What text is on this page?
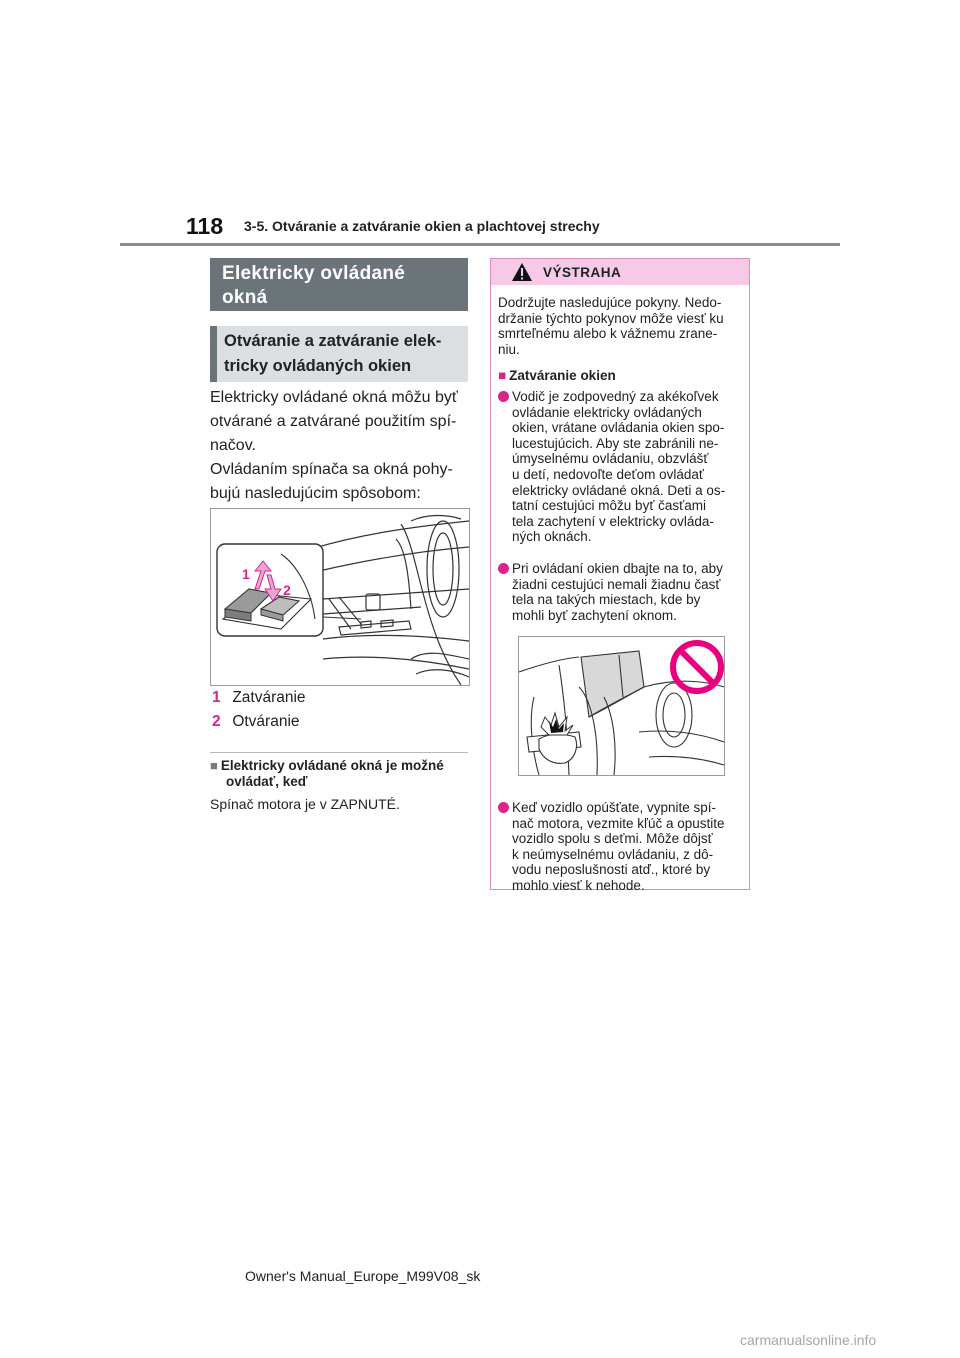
118 3-5. Otváranie a zatváranie okien a plachtovej strechy
Elektricky ovládané okná
Otváranie a zatváranie elek-
tricky ovládaných okien

Elektricky ovládané okná môžu byť

otvárané a zatvárané použitím spí-

načov.

Ovládaním spínača sa okná pohy-

bujú nasledujúcim spôsobom:

1
2
1 Zatváranie
2 Otváranie
■ Elektricky ovládané okná je možné
ovládať, keď
Spínač motora je v ZAPNUTÉ.
VÝSTRAHA
Dodržujte nasledujúce pokyny. Nedo-
držanie týchto pokynov môže viesť ku
smrteľnému alebo k vážnemu zrane-
niu.
■ Zatváranie okien
Vodič je zodpovedný za akékoľvek
ovládanie elektricky ovládaných
okien, vrátane ovládania okien spo-
lucestujúcich. Aby ste zabránili ne-
úmyselnému ovládaniu, obzvlášť
u detí, nedovoľte deťom ovládať
elektricky ovládané okná. Deti a os-
tatní cestujúci môžu byť časťami
tela zachytení v elektricky ovláda-
ných oknách.
Pri ovládaní okien dbajte na to, aby
žiadni cestujúci nemali žiadnu časť
tela na takých miestach, kde by
mohli byť zachytení oknom.
Keď vozidlo opúšťate, vypnite spí-
nač motora, vezmite kľúč a opustite
vozidlo spolu s deťmi. Môže dôjsť
k neúmyselnému ovládaniu, z dô-
vodu neposlušnosti atď., ktoré by
mohlo viesť k nehode.
Owner's Manual_Europe_M99V08_sk
carmanualsonline.info
